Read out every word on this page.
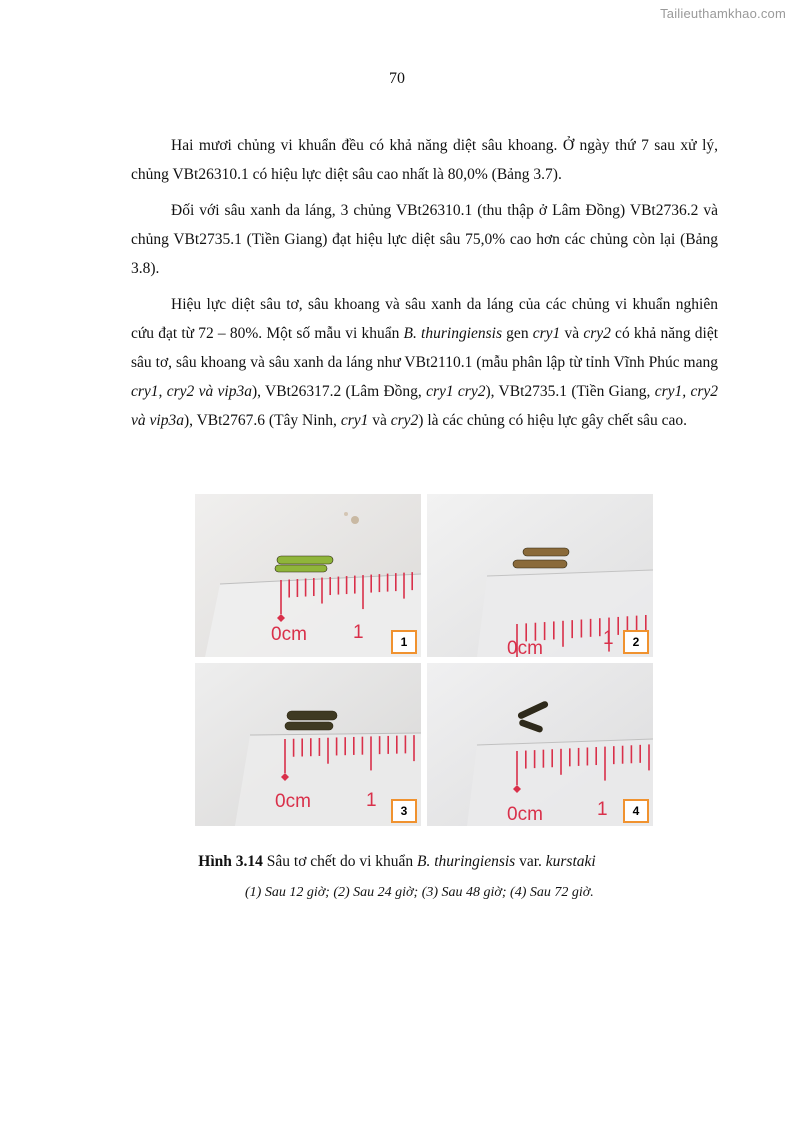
Tailieuthamkhao.com
70

Hai mươi chủng vi khuẩn đều có khả năng diệt sâu khoang. Ở ngày thứ 7 sau xử lý, chủng VBt26310.1 có hiệu lực diệt sâu cao nhất là 80,0% (Bảng 3.7).

Đối với sâu xanh da láng, 3 chủng VBt26310.1 (thu thập ở Lâm Đồng) VBt2736.2 và chủng VBt2735.1 (Tiền Giang) đạt hiệu lực diệt sâu 75,0% cao hơn các chủng còn lại (Bảng 3.8).

Hiệu lực diệt sâu tơ, sâu khoang và sâu xanh da láng của các chủng vi khuẩn nghiên cứu đạt từ 72 – 80%. Một số mẫu vi khuẩn B. thuringiensis gen cry1 và cry2 có khả năng diệt sâu tơ, sâu khoang và sâu xanh da láng như VBt2110.1 (mẫu phân lập từ tỉnh Vĩnh Phúc mang cry1, cry2 và vip3a), VBt26317.2 (Lâm Đồng, cry1 cry2), VBt2735.1 (Tiền Giang, cry1, cry2 và vip3a), VBt2767.6 (Tây Ninh, cry1 và cry2) là các chủng có hiệu lực gây chết sâu cao.

0cm 1	1	0cm	1	2
0cm	1	3	0cm	1	4
Hình 3.14 Sâu tơ chết do vi khuẩn B. thuringiensis var. kurstaki
(1) Sau 12 giờ; (2) Sau 24 giờ; (3) Sau 48 giờ; (4) Sau 72 giờ.
